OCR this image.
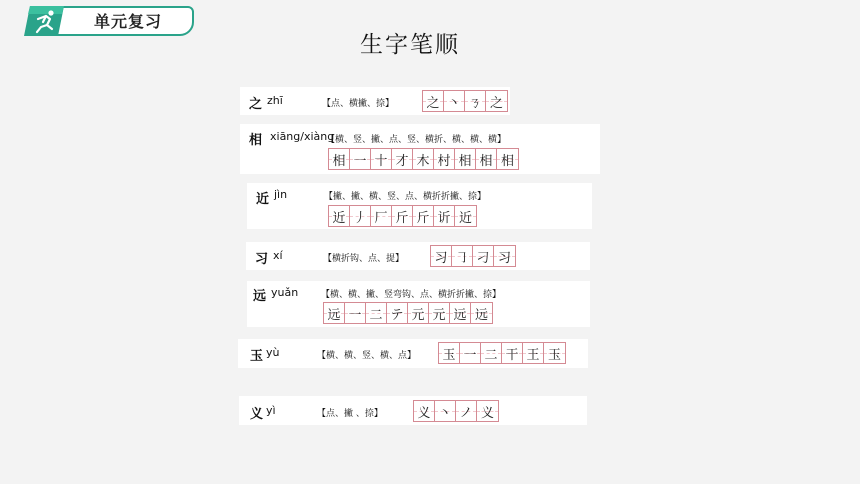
单元复习
生字笔顺
之 zhī	【点、横撇、捺】 之 丶 ㄋ 之
相 xiāng/xiàng
【横、竖、撇、点、竖、横折、横、横、横】
相 一 十 才 木 村 相 相 相
近 jìn	【撇、撇、横、竖、点、横折折撇、捺】
近 丿 厂 斤 斤 䜣 近
习 xí	【横折钩、点、提】 习 ㇆ 刁 习
远 yuǎn	【横、横、撇、竖弯钩、点、横折折撇、捺】
远 一 二 テ 元 元 远 远
玉 yù	【横、横、竖、横、点】 玉 一 二 干 王 玉
义 yì	【点、撇 、捺】	义 丶 ノ 义
